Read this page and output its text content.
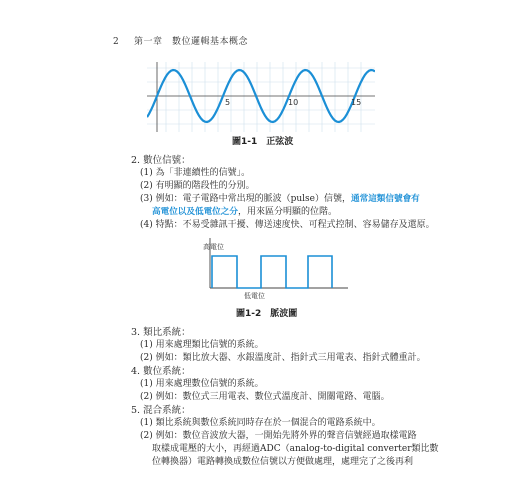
2 第一章　數位邏輯基本概念
5	10	15
圖1-1　正弦波
2. 數位信號：
(1) 為「非連續性的信號」。
(2) 有明顯的階段性的分別。
(3) 例如：電子電路中常出現的脈波（pulse）信號，通常這類信號會有
高電位以及低電位之分，用來區分明顯的位階。
(4) 特點：不易受雜訊干擾、傳送速度快、可程式控制、容易儲存及還原。
高電位
低電位
圖1-2　脈波圖
3. 類比系統：
(1) 用來處理類比信號的系統。
(2) 例如：類比放大器、水銀溫度計、指針式三用電表、指針式體重計。
4. 數位系統：
(1) 用來處理數位信號的系統。
(2) 例如：數位式三用電表、數位式溫度計、開關電路、電腦。
5. 混合系統：
(1) 類比系統與數位系統同時存在於一個混合的電路系統中。
(2) 例如：數位音波放大器，一開始先將外界的聲音信號經過取樣電路
取樣成電壓的大小，再經過ADC（analog-to-digital converter類比數
位轉換器）電路轉換成數位信號以方便做處理，處理完了之後再利
